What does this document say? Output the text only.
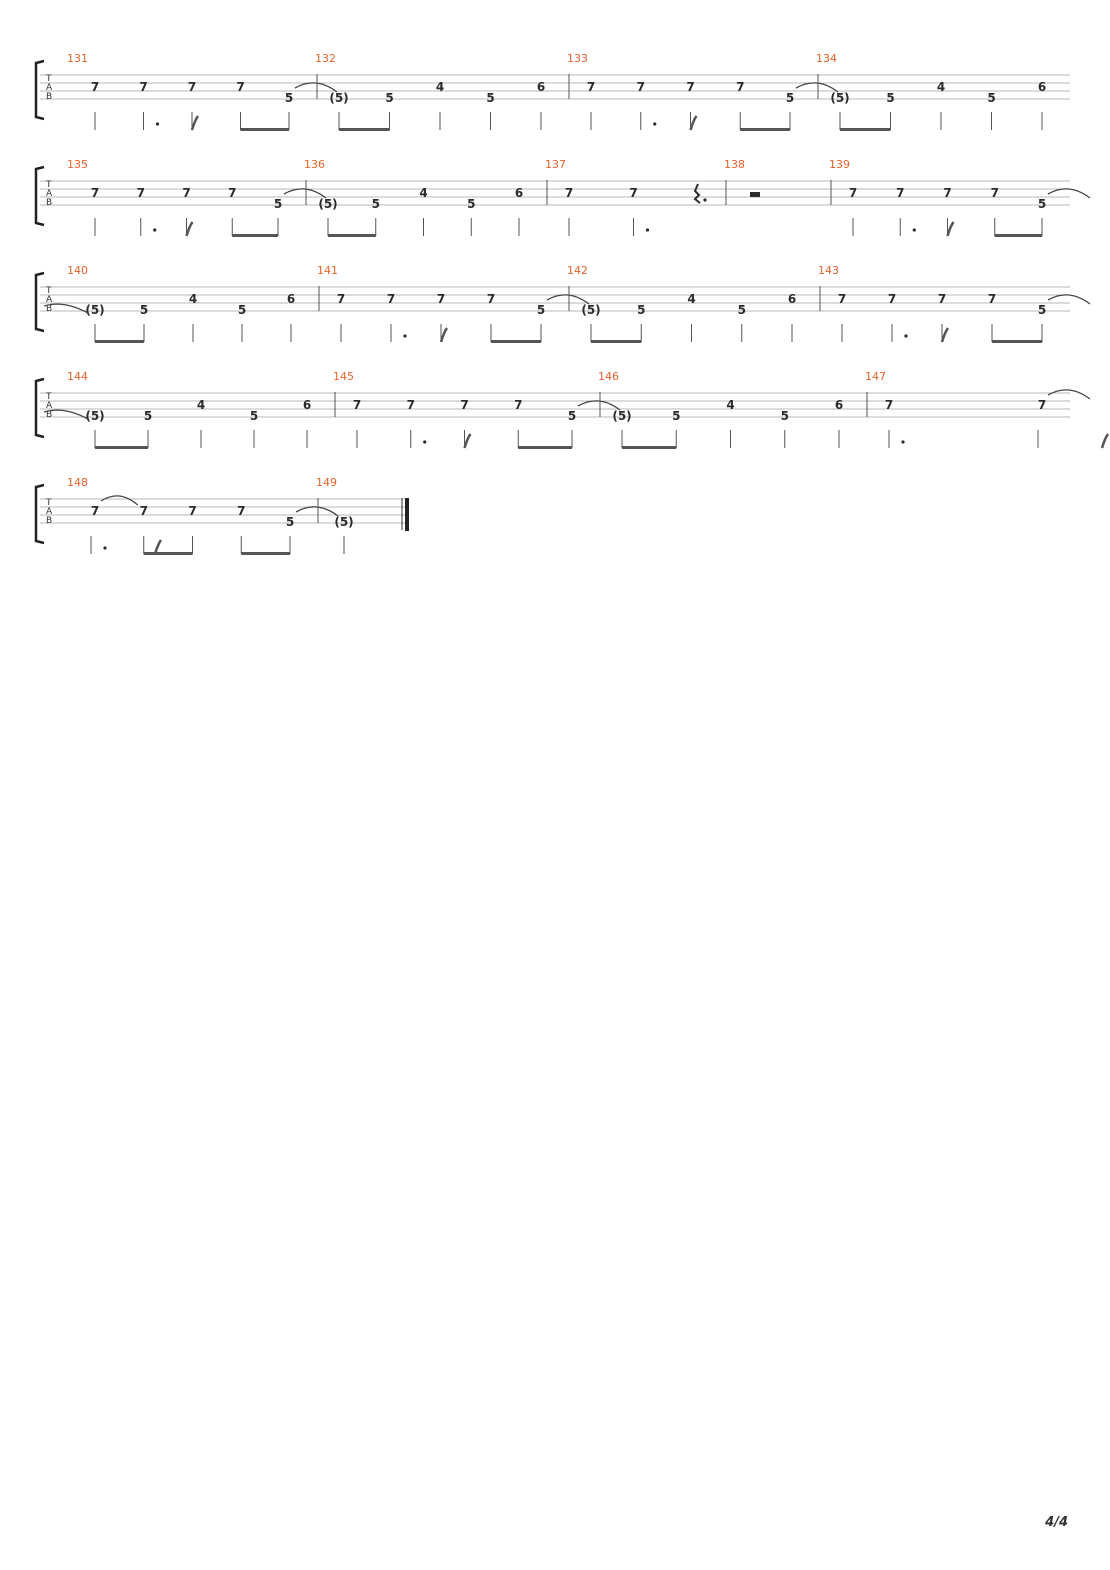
T
A
B
131
7	7	7	7
5
132
(5)	5
4
5
6
133
7	7	7	7
5
134
(5)	5
4
5
6
T
A
B
135
7	7	7	7
5
136
(5)	5
4
5
6
137
7	7
138	139
7	7	7	7
5
T
A
B
140
(5)	5
4
5
6
141
7	7	7	7
5
142
(5)	5
4
5
6
143
7	7	7	7
5
T
A
B
144
(5)	5
4
5
6
145
7	7	7	7
5
146
(5)	5
4
5
6
147
7	7
T
A
B
148
7	7	7	7
5
149
(5)
4/4
